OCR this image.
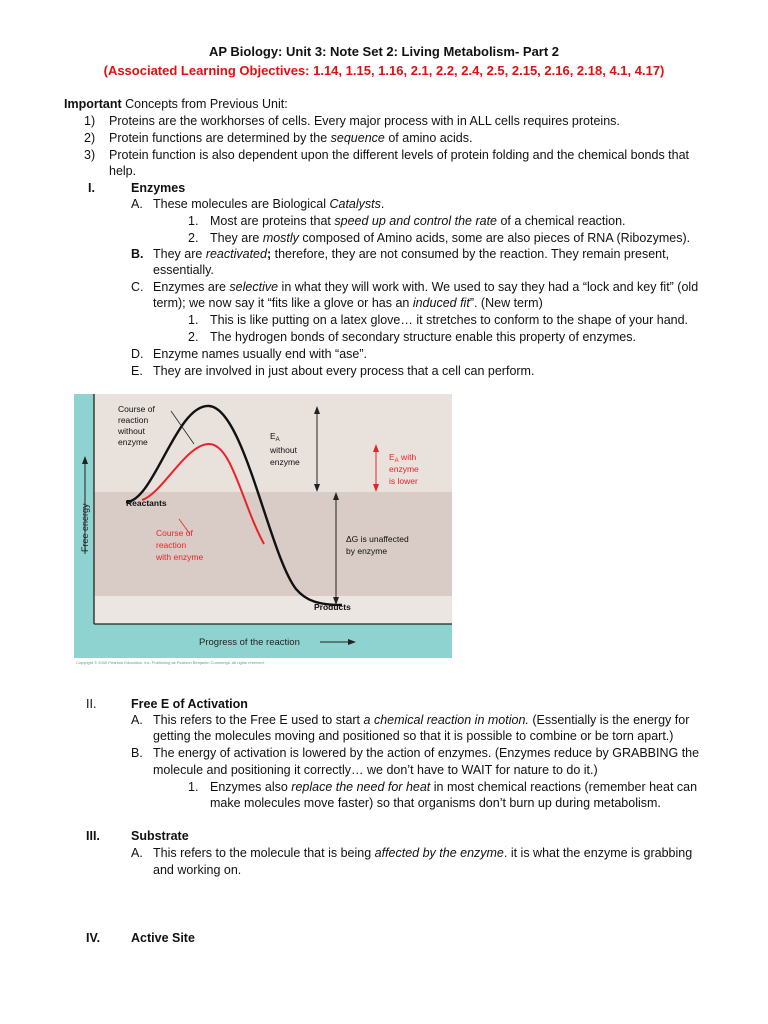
AP Biology: Unit 3: Note Set 2: Living Metabolism- Part 2
(Associated Learning Objectives: 1.14, 1.15, 1.16, 2.1, 2.2, 2.4, 2.5, 2.15, 2.16, 2.18, 4.1, 4.17)
Important Concepts from Previous Unit:
1) Proteins are the workhorses of cells. Every major process with in ALL cells requires proteins.
2) Protein functions are determined by the sequence of amino acids.
3) Protein function is also dependent upon the different levels of protein folding and the chemical bonds that
help.
I.	Enzymes
A. These molecules are Biological Catalysts.
1. Most are proteins that speed up and control the rate of a chemical reaction.
2. They are mostly composed of Amino acids, some are also pieces of RNA (Ribozymes).
B. They are reactivated; therefore, they are not consumed by the reaction. They remain present,
essentially.
C. Enzymes are selective in what they will work with. We used to say they had a “lock and key fit” (old
term); we now say it “fits like a glove or has an induced fit”. (New term)
1. This is like putting on a latex glove… it stretches to conform to the shape of your hand.
2. The hydrogen bonds of secondary structure enable this property of enzymes.
D. Enzyme names usually end with “ase”.
E. They are involved in just about every process that a cell can perform.
Free energy
Progress of the reaction
Course of
reaction
without
enzyme
$E_A$
without
enzyme	$E_A$ with
enzyme
is lower
Reactants
Course of
reaction
with enzyme
ΔG is unaffected
by enzyme
Products
Copyright © 2005 Pearson Education, Inc. Publishing as Pearson Benjamin Cummings. All rights reserved.
II.	Free E of Activation
A. This refers to the Free E used to start a chemical reaction in motion. (Essentially is the energy for
getting the molecules moving and positioned so that it is possible to combine or be torn apart.)
B. The energy of activation is lowered by the action of enzymes. (Enzymes reduce by GRABBING the
molecule and positioning it correctly… we don’t have to WAIT for nature to do it.)
1. Enzymes also replace the need for heat in most chemical reactions (remember heat can
make molecules move faster) so that organisms don’t burn up during metabolism.
III. Substrate
A. This refers to the molecule that is being affected by the enzyme. it is what the enzyme is grabbing
and working on.
IV. Active Site
